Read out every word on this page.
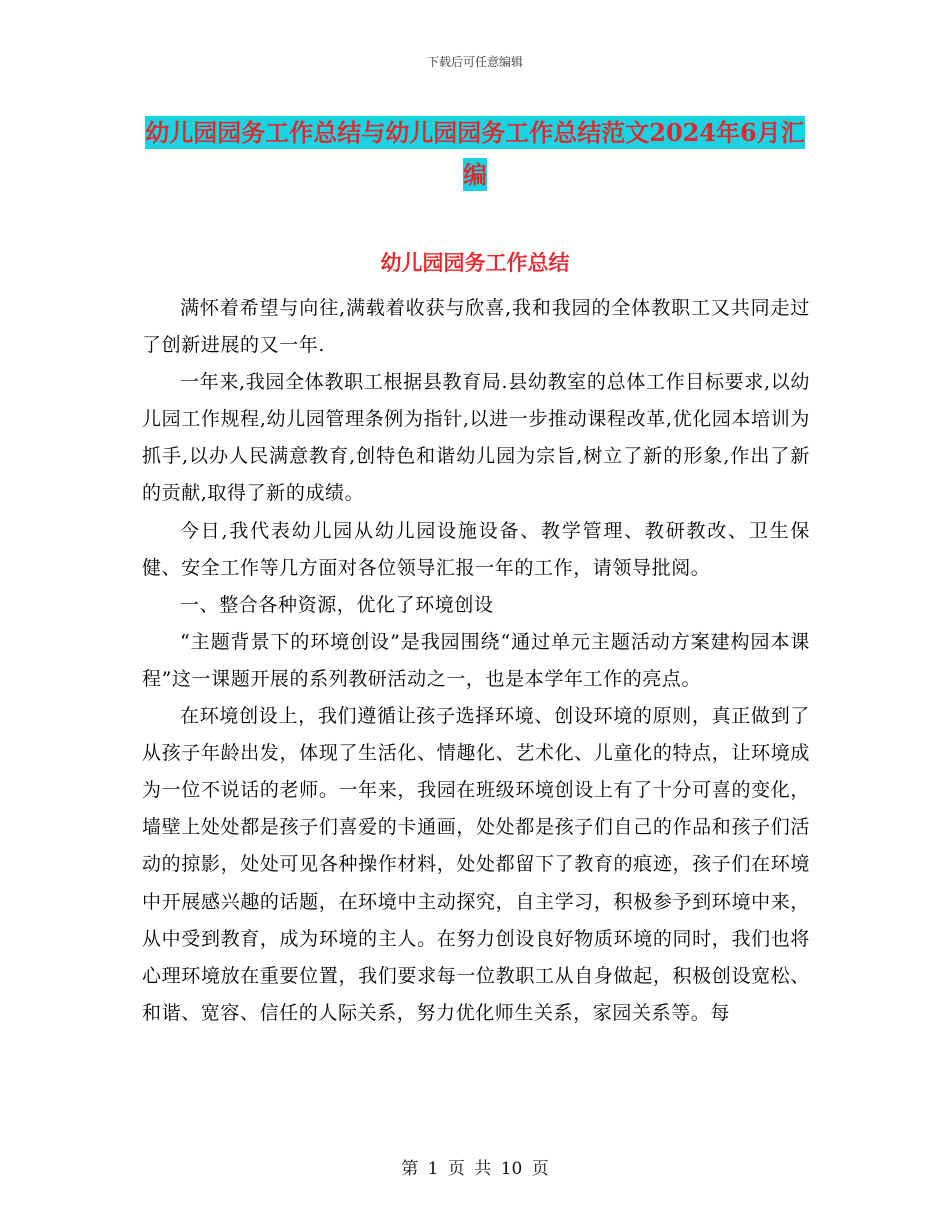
下载后可任意编辑
幼儿园园务工作总结与幼儿园园务工作总结范文2024年6月汇编
幼儿园园务工作总结

满怀着希望与向往,满载着收获与欣喜,我和我园的全体教职工又共同走过了创新进展的又一年.

一年来,我园全体教职工根据县教育局.县幼教室的总体工作目标要求,以幼儿园工作规程,幼儿园管理条例为指针,以进一步推动课程改革,优化园本培训为抓手,以办人民满意教育,创特色和谐幼儿园为宗旨,树立了新的形象,作出了新的贡献,取得了新的成绩。

今日,我代表幼儿园从幼儿园设施设备、教学管理、教研教改、卫生保健、安全工作等几方面对各位领导汇报一年的工作，请领导批阅。

一、整合各种资源，优化了环境创设

“主题背景下的环境创设”是我园围绕“通过单元主题活动方案建构园本课程”这一课题开展的系列教研活动之一，也是本学年工作的亮点。

在环境创设上，我们遵循让孩子选择环境、创设环境的原则，真正做到了从孩子年龄出发，体现了生活化、情趣化、艺术化、儿童化的特点，让环境成为一位不说话的老师。一年来，我园在班级环境创设上有了十分可喜的变化，墙壁上处处都是孩子们喜爱的卡通画，处处都是孩子们自己的作品和孩子们活动的掠影，处处可见各种操作材料，处处都留下了教育的痕迹，孩子们在环境中开展感兴趣的话题，在环境中主动探究，自主学习，积极参予到环境中来，从中受到教育，成为环境的主人。在努力创设良好物质环境的同时，我们也将心理环境放在重要位置，我们要求每一位教职工从自身做起，积极创设宽松、和谐、宽容、信任的人际关系，努力优化师生关系，家园关系等。每

第 1 页 共 10 页
